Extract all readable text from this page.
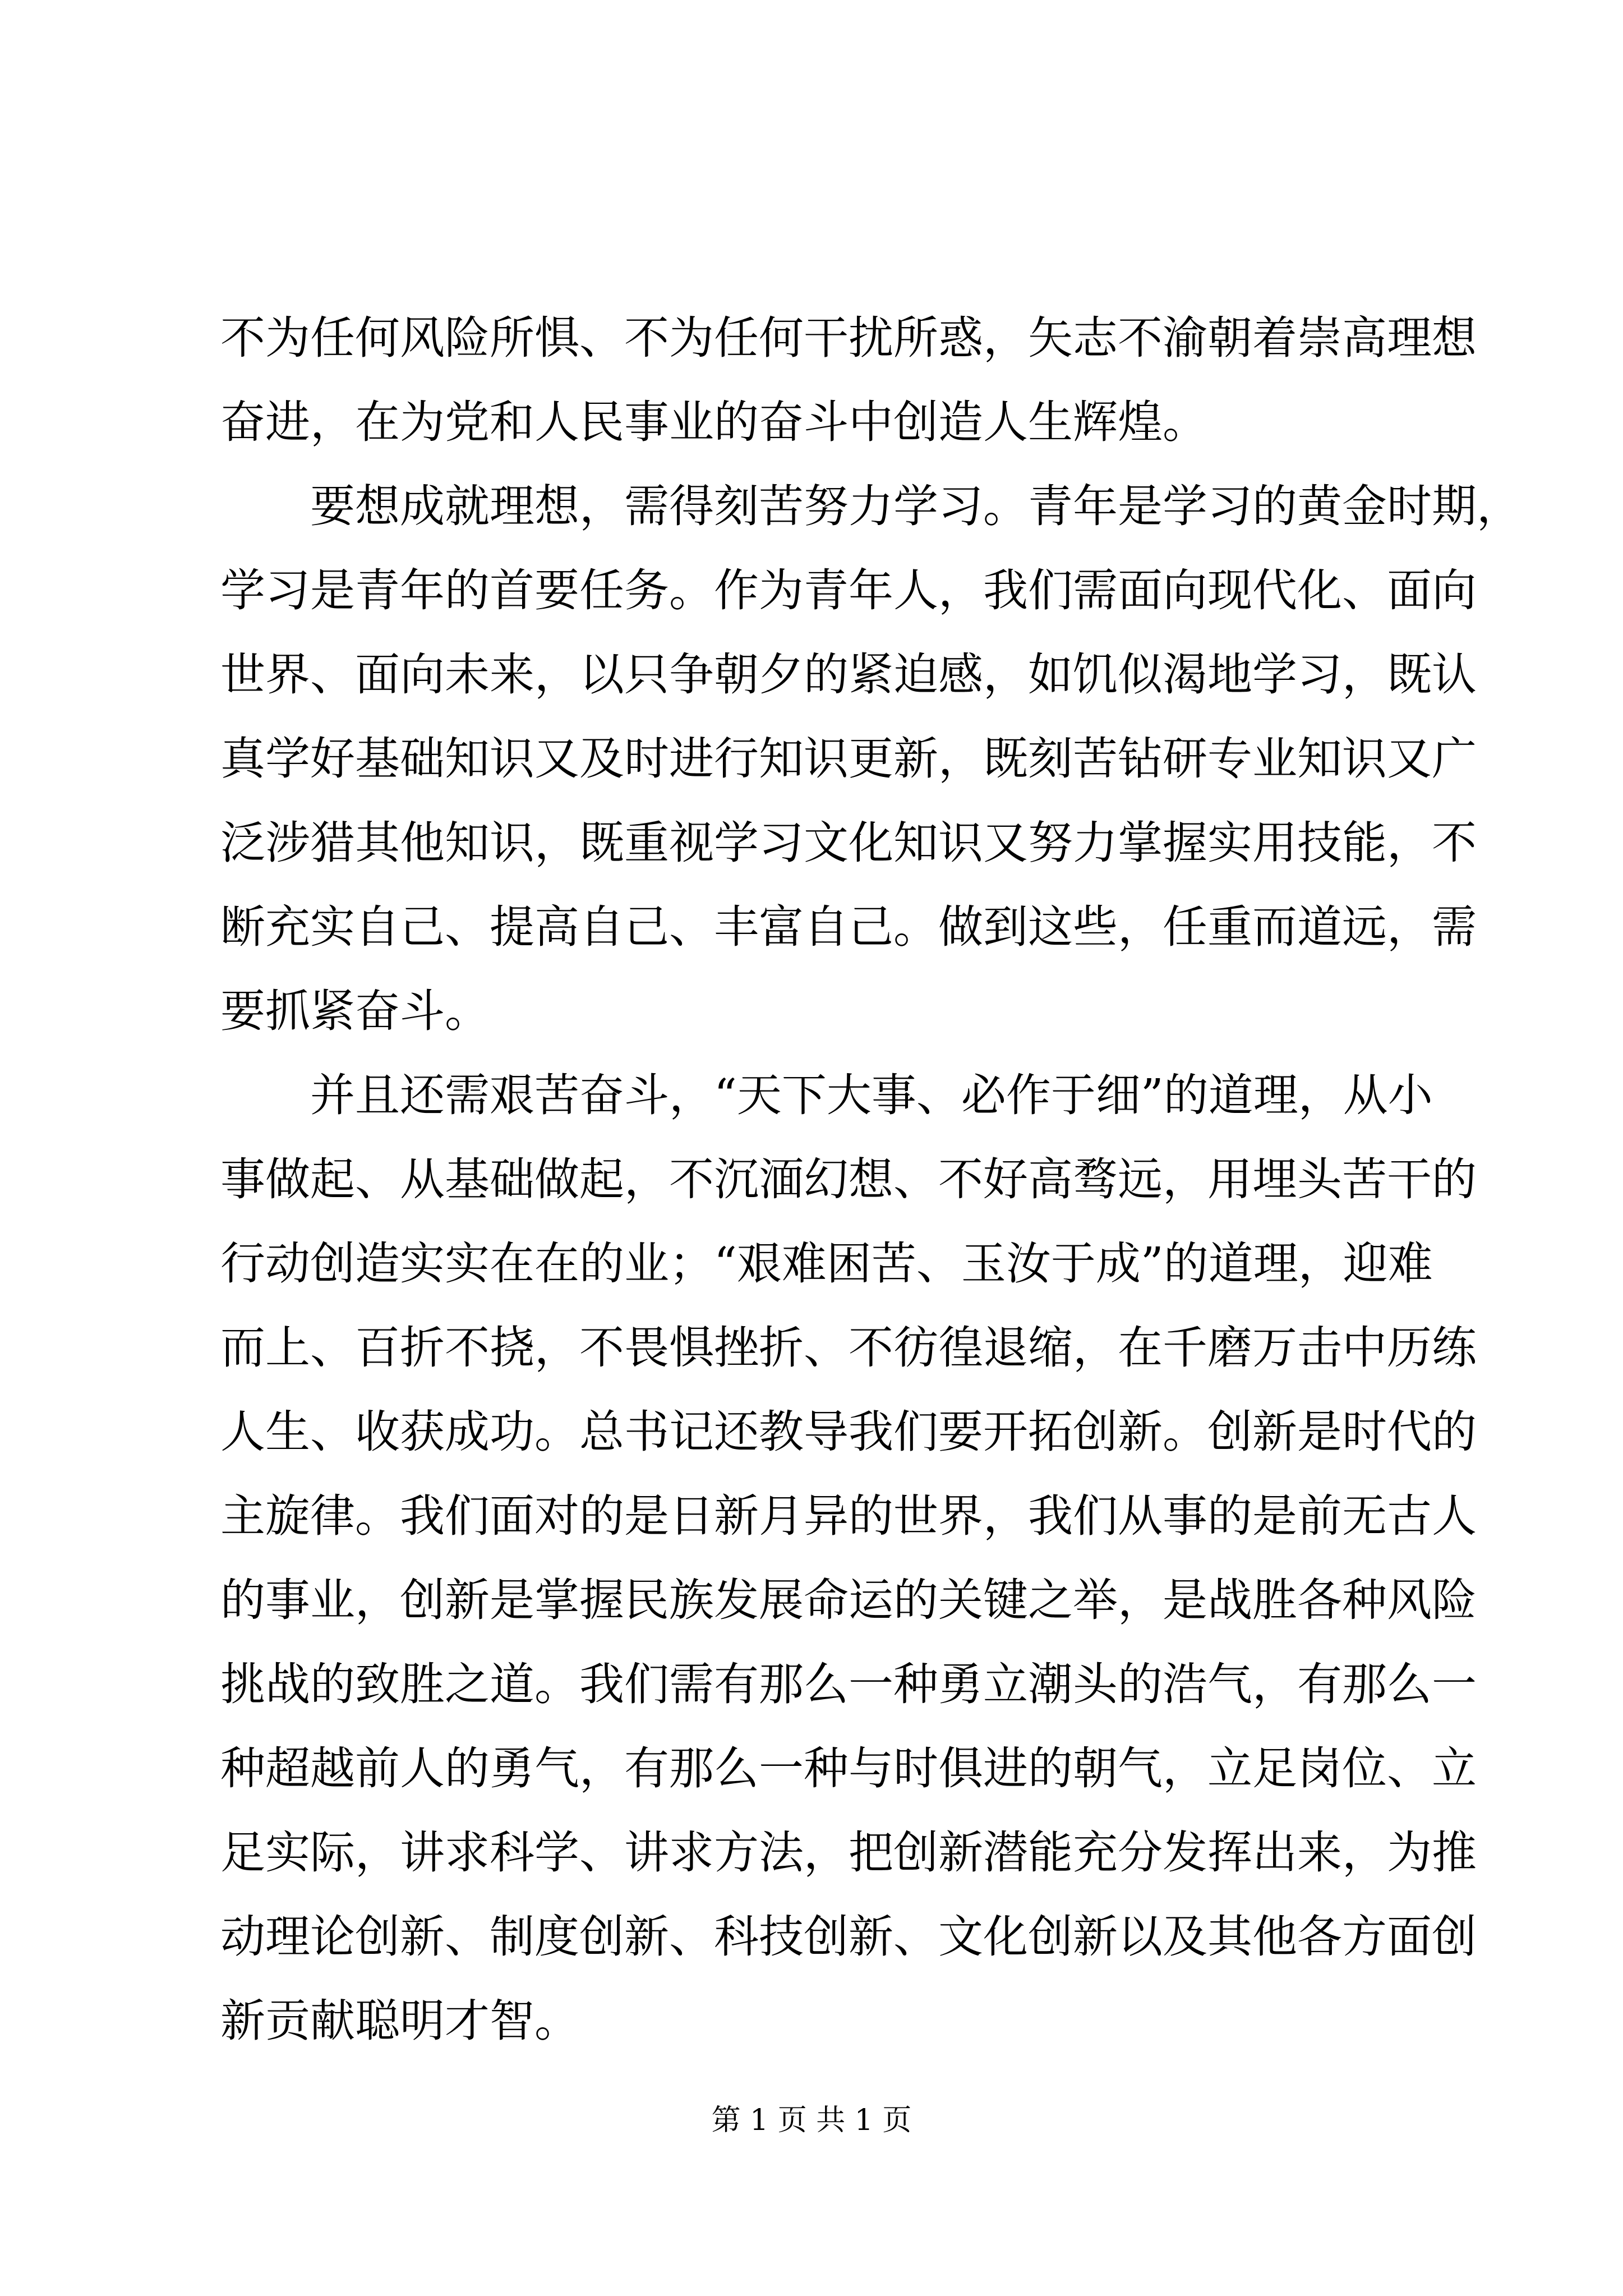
不为任何风险所惧、不为任何干扰所惑，矢志不渝朝着崇高理想
奋进，在为党和人民事业的奋斗中创造人生辉煌。
要想成就理想，需得刻苦努力学习。青年是学习的黄金时期，
学习是青年的首要任务。作为青年人，我们需面向现代化、面向
世界、面向未来，以只争朝夕的紧迫感，如饥似渴地学习，既认
真学好基础知识又及时进行知识更新，既刻苦钻研专业知识又广
泛涉猎其他知识，既重视学习文化知识又努力掌握实用技能，不
断充实自己、提高自己、丰富自己。做到这些，任重而道远，需
要抓紧奋斗。
并且还需艰苦奋斗，“天下大事、必作于细”的道理，从小
事做起、从基础做起，不沉湎幻想、不好高骛远，用埋头苦干的
行动创造实实在在的业；“艰难困苦、玉汝于成”的道理，迎难
而上、百折不挠，不畏惧挫折、不彷徨退缩，在千磨万击中历练
人生、收获成功。总书记还教导我们要开拓创新。创新是时代的
主旋律。我们面对的是日新月异的世界，我们从事的是前无古人
的事业，创新是掌握民族发展命运的关键之举，是战胜各种风险
挑战的致胜之道。我们需有那么一种勇立潮头的浩气，有那么一
种超越前人的勇气，有那么一种与时俱进的朝气，立足岗位、立
足实际，讲求科学、讲求方法，把创新潜能充分发挥出来，为推
动理论创新、制度创新、科技创新、文化创新以及其他各方面创
新贡献聪明才智。
第 1 页 共 1 页
